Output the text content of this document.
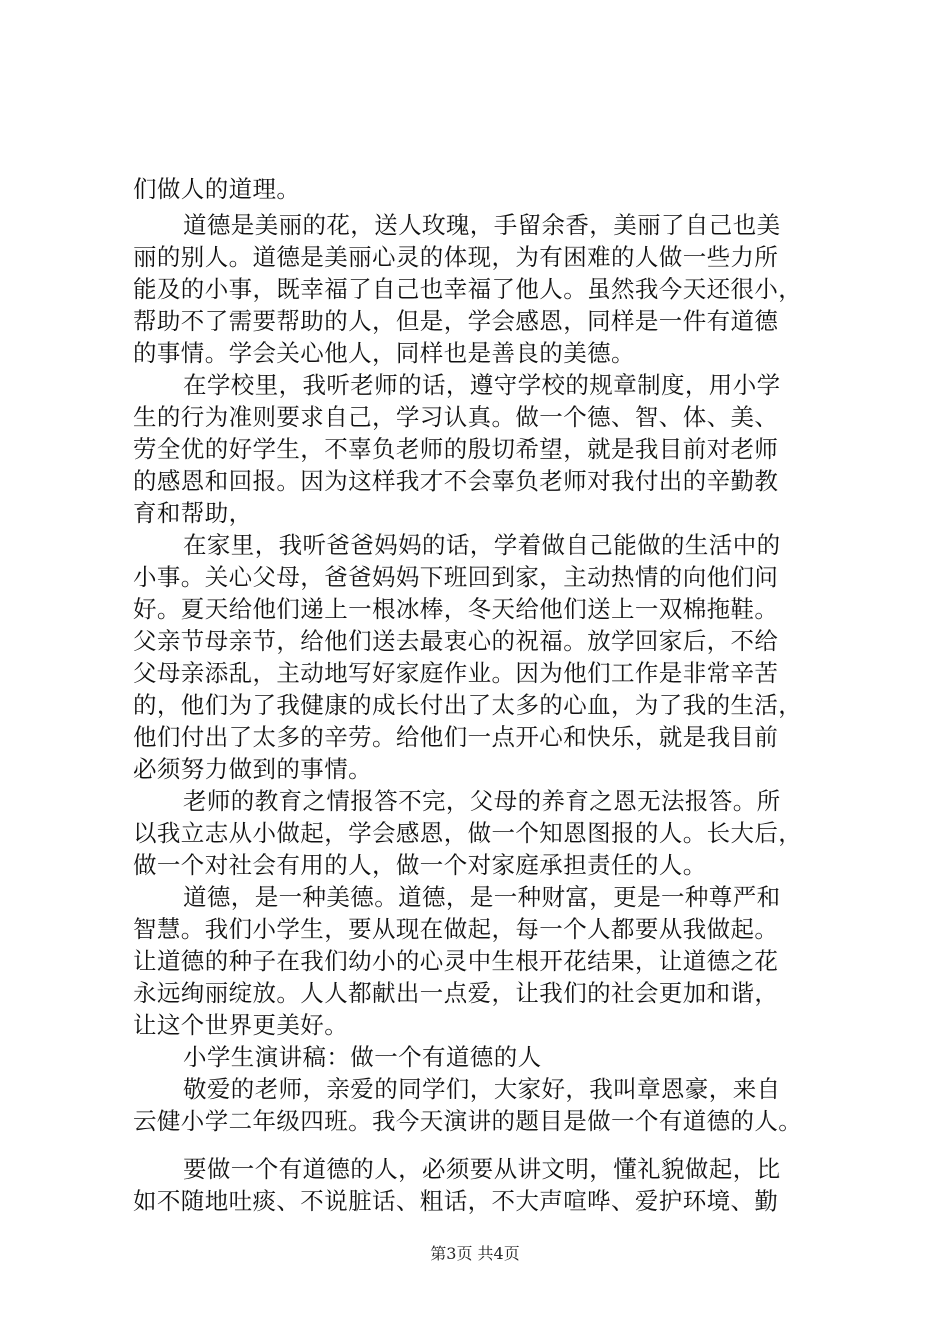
们做人的道理。
道德是美丽的花，送人玫瑰，手留余香，美丽了自己也美
丽的别人。道德是美丽心灵的体现，为有困难的人做一些力所
能及的小事，既幸福了自己也幸福了他人。虽然我今天还很小，
帮助不了需要帮助的人，但是，学会感恩，同样是一件有道德
的事情。学会关心他人，同样也是善良的美德。
在学校里，我听老师的话，遵守学校的规章制度，用小学
生的行为准则要求自己，学习认真。做一个德、智、体、美、
劳全优的好学生，不辜负老师的殷切希望，就是我目前对老师
的感恩和回报。因为这样我才不会辜负老师对我付出的辛勤教
育和帮助，
在家里，我听爸爸妈妈的话，学着做自己能做的生活中的
小事。关心父母，爸爸妈妈下班回到家，主动热情的向他们问
好。夏天给他们递上一根冰棒，冬天给他们送上一双棉拖鞋。
父亲节母亲节，给他们送去最衷心的祝福。放学回家后，不给
父母亲添乱，主动地写好家庭作业。因为他们工作是非常辛苦
的，他们为了我健康的成长付出了太多的心血，为了我的生活，
他们付出了太多的辛劳。给他们一点开心和快乐，就是我目前
必须努力做到的事情。
老师的教育之情报答不完，父母的养育之恩无法报答。所
以我立志从小做起，学会感恩，做一个知恩图报的人。长大后，
做一个对社会有用的人，做一个对家庭承担责任的人。
道德，是一种美德。道德，是一种财富，更是一种尊严和
智慧。我们小学生，要从现在做起，每一个人都要从我做起。
让道德的种子在我们幼小的心灵中生根开花结果，让道德之花
永远绚丽绽放。人人都献出一点爱，让我们的社会更加和谐，
让这个世界更美好。
小学生演讲稿：做一个有道德的人
敬爱的老师，亲爱的同学们，大家好，我叫章恩豪，来自
云健小学二年级四班。我今天演讲的题目是做一个有道德的人。
要做一个有道德的人，必须要从讲文明，懂礼貌做起，比
如不随地吐痰、不说脏话、粗话，不大声喧哗、爱护环境、勤
第3页 共4页
